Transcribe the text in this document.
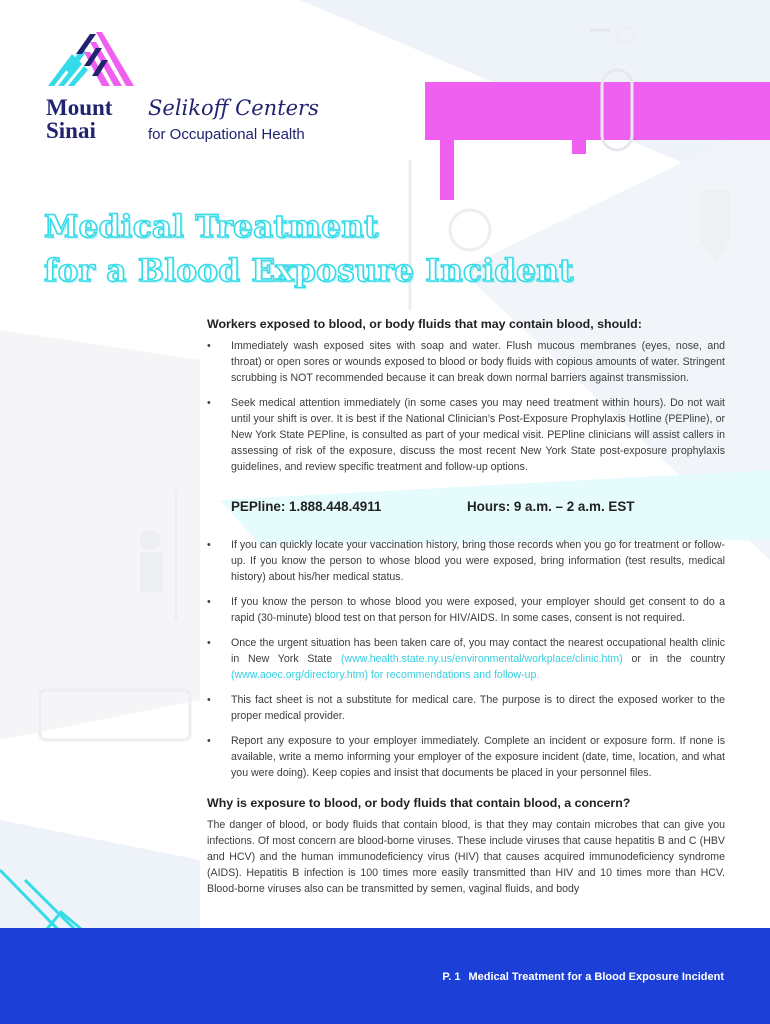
Mount
Sinai
Selikoff Centers
for Occupational Health
Medical Treatment
for a Blood Exposure Incident

Workers exposed to blood, or body fluids that may contain blood, should:

• Immediately wash exposed sites with soap and water. Flush mucous membranes (eyes, nose, and throat) or open sores or wounds exposed to blood or body fluids with copious amounts of water. Stringent scrubbing is NOT recommended because it can break down normal barriers against transmission.
• Seek medical attention immediately (in some cases you may need treatment within hours). Do not wait until your shift is over. It is best if the National Clinician’s Post-Exposure Prophylaxis Hotline (PEPline), or New York State PEPline, is consulted as part of your medical visit. PEPline clinicians will assist callers in assessing of risk of the exposure, discuss the most recent New York State post-exposure prophylaxis guidelines, and review specific treatment and follow-up options.
PEPline: 1.888.448.4911	Hours: 9 a.m. – 2 a.m. EST
• If you can quickly locate your vaccination history, bring those records when you go for treatment or follow-up. If you know the person to whose blood you were exposed, bring information (test results, medical history) about his/her medical status.
• If you know the person to whose blood you were exposed, your employer should get consent to do a rapid (30-minute) blood test on that person for HIV/AIDS. In some cases, consent is not required.
• Once the urgent situation has been taken care of, you may contact the nearest occupational health clinic in New York State (www.health.state.ny.us/environmental/workplace/clinic.htm) or in the country (www.aoec.org/directory.htm) for recommendations and follow-up.
• This fact sheet is not a substitute for medical care. The purpose is to direct the exposed worker to the proper medical provider.
• Report any exposure to your employer immediately. Complete an incident or exposure form. If none is available, write a memo informing your employer of the exposure incident (date, time, location, and what you were doing). Keep copies and insist that documents be placed in your personnel files.

Why is exposure to blood, or body fluids that contain blood, a concern?

The danger of blood, or body fluids that contain blood, is that they may contain microbes that can give you infections. Of most concern are blood-borne viruses. These include viruses that cause hepatitis B and C (HBV and HCV) and the human immunodeficiency virus (HIV) that causes acquired immunodeficiency syndrome (AIDS). Hepatitis B infection is 100 times more easily transmitted than HIV and 10 times more than HCV. Blood-borne viruses also can be transmitted by semen, vaginal fluids, and body

P. 1 Medical Treatment for a Blood Exposure Incident
